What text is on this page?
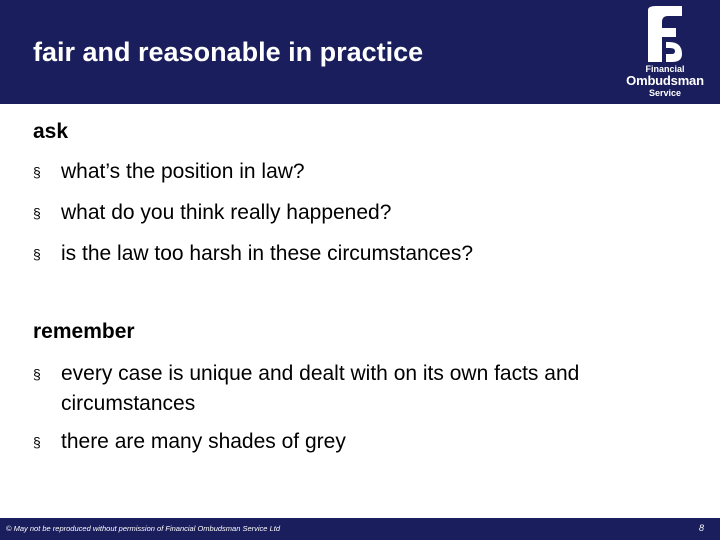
fair and reasonable in practice
Financial
Ombudsman
Service
ask
§ what’s the position in law?
§ what do you think really happened?
§ is the law too harsh in these circumstances?
remember
§ every case is unique and dealt with on its own facts and circumstances
§ there are many shades of grey
© May not be reproduced without permission of Financial Ombudsman Service Ltd	8
